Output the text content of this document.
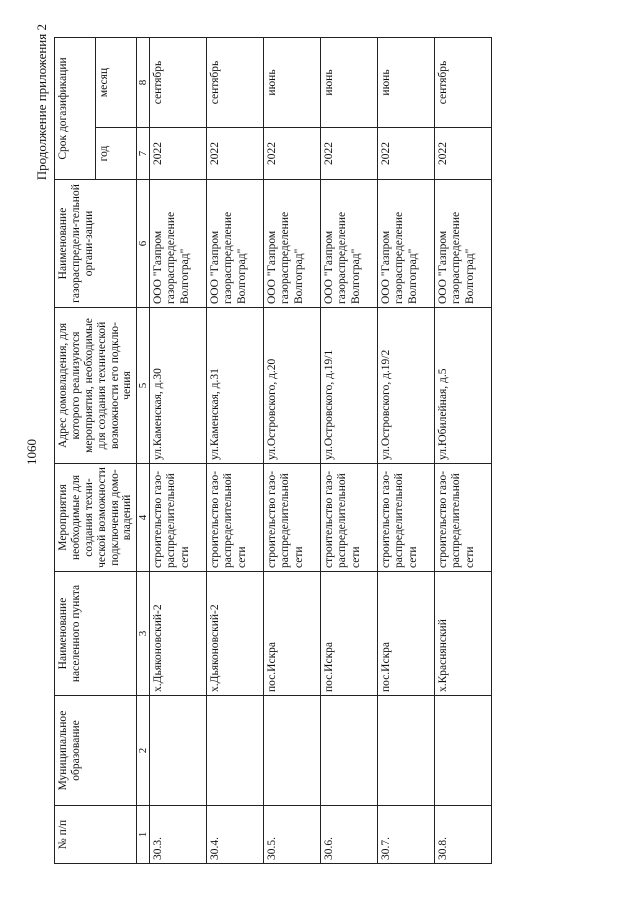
1060
Продолжение приложения 2
№ п/п	Муниципальное образование	Наименование населенного пункта	Мероприятия необходимые для создания техни-ческой возможности подключения домо-владений	Адрес домовладения, для которого реализуются мероприятия, необходимые для создания технической возможности его подклю-чения	Наименование газораспредели-тельной органи-зации	Срок догазификации	
						год	месяц
1	2	3	4	5	6	7	8
30.3.		х.Дьяконовский-2	строительство газо-распределительной сети	ул.Каменская, д.30	ООО "Газпром газораспределение Волгоград"	2022	сентябрь
30.4.		х.Дьяконовский-2	строительство газо-распределительной сети	ул.Каменская, д.31	ООО "Газпром газораспределение Волгоград"	2022	сентябрь
30.5.		пос.Искра	строительство газо-распределительной сети	ул.Островского, д.20	ООО "Газпром газораспределение Волгоград"	2022	июнь
30.6.		пос.Искра	строительство газо-распределительной сети	ул.Островского, д.19/1	ООО "Газпром газораспределение Волгоград"	2022	июнь
30.7.		пос.Искра	строительство газо-распределительной сети	ул.Островского, д.19/2	ООО "Газпром газораспределение Волгоград"	2022	июнь
30.8.		х.Краснянский	строительство газо-распределительной сети	ул.Юбилейная, д.5	ООО "Газпром газораспределение Волгоград"	2022	сентябрь
